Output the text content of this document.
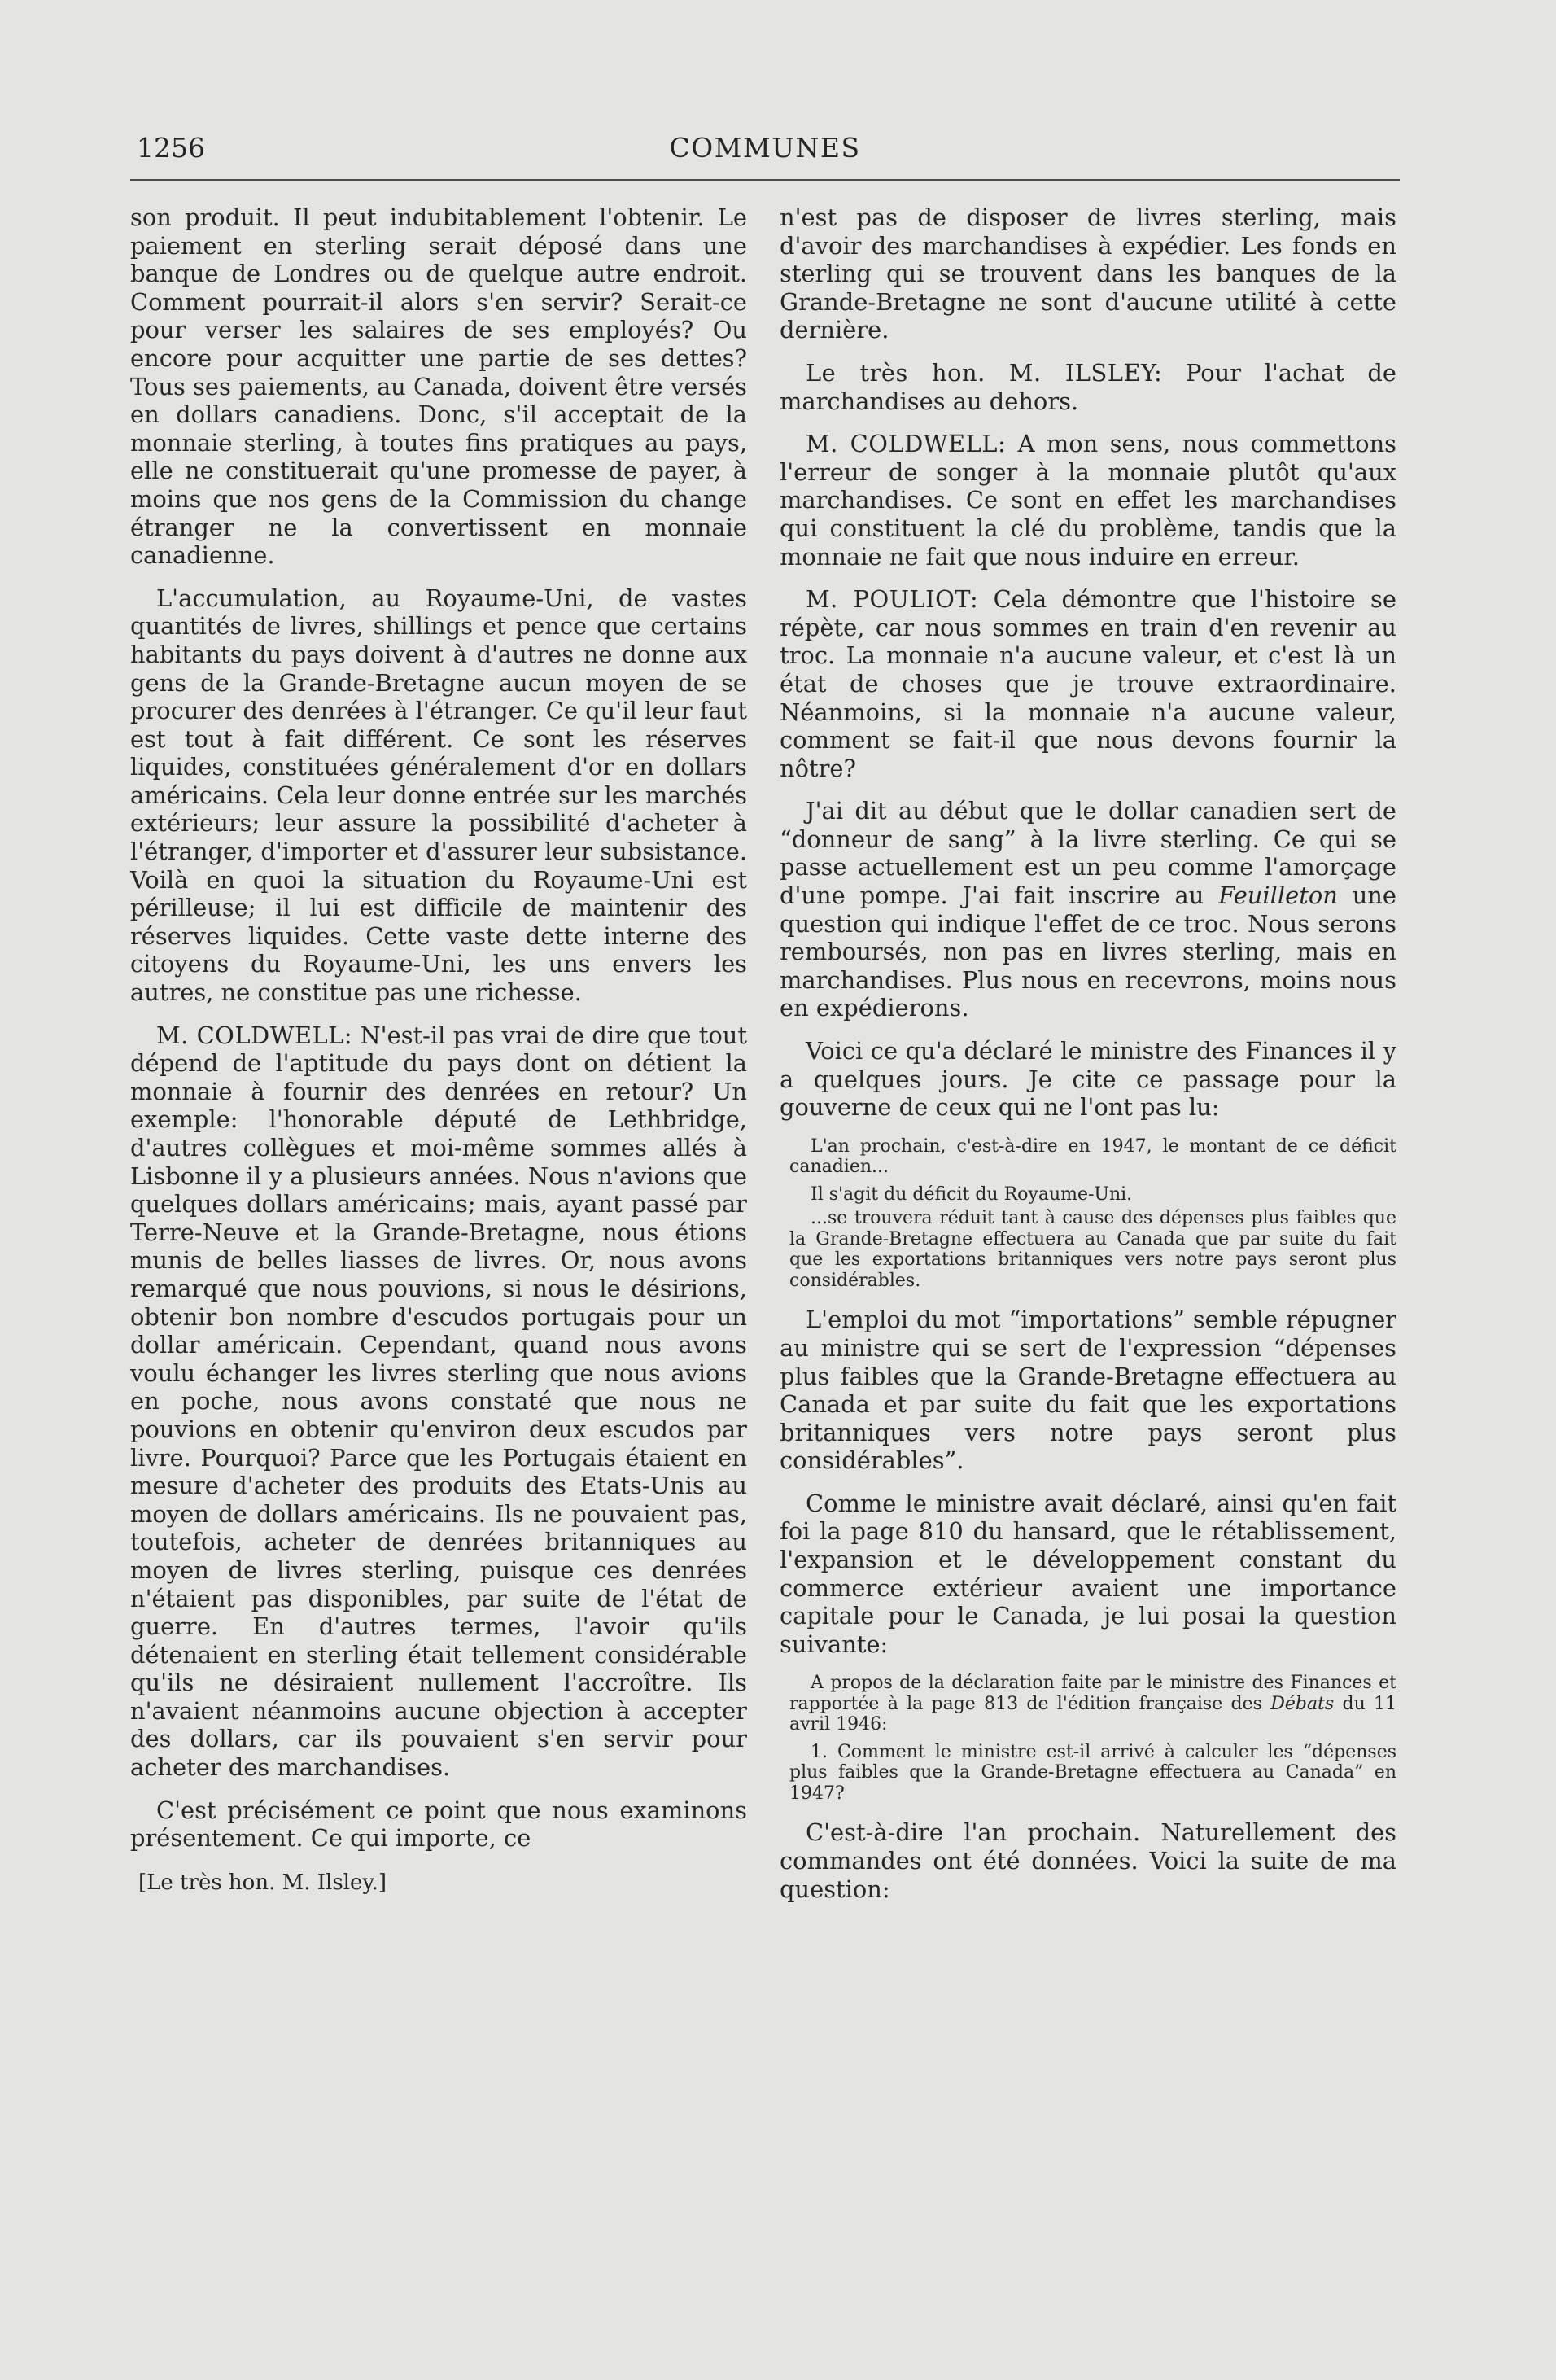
1256	COMMUNES

son produit. Il peut indubitablement l'obtenir. Le paiement en sterling serait déposé dans une banque de Londres ou de quelque autre endroit. Comment pourrait-il alors s'en servir? Serait-ce pour verser les salaires de ses employés? Ou encore pour acquitter une partie de ses dettes? Tous ses paiements, au Canada, doivent être versés en dollars canadiens. Donc, s'il acceptait de la monnaie sterling, à toutes fins pratiques au pays, elle ne constituerait qu'une promesse de payer, à moins que nos gens de la Commission du change étranger ne la convertissent en monnaie canadienne.

L'accumulation, au Royaume-Uni, de vastes quantités de livres, shillings et pence que certains habitants du pays doivent à d'autres ne donne aux gens de la Grande-Bretagne aucun moyen de se procurer des denrées à l'étranger. Ce qu'il leur faut est tout à fait différent. Ce sont les réserves liquides, constituées généralement d'or en dollars américains. Cela leur donne entrée sur les marchés extérieurs; leur assure la possibilité d'acheter à l'étranger, d'importer et d'assurer leur subsistance. Voilà en quoi la situation du Royaume-Uni est périlleuse; il lui est difficile de maintenir des réserves liquides. Cette vaste dette interne des citoyens du Royaume-Uni, les uns envers les autres, ne constitue pas une richesse.

M. COLDWELL: N'est-il pas vrai de dire que tout dépend de l'aptitude du pays dont on détient la monnaie à fournir des denrées en retour? Un exemple: l'honorable député de Lethbridge, d'autres collègues et moi-même sommes allés à Lisbonne il y a plusieurs années. Nous n'avions que quelques dollars américains; mais, ayant passé par Terre-Neuve et la Grande-Bretagne, nous étions munis de belles liasses de livres. Or, nous avons remarqué que nous pouvions, si nous le désirions, obtenir bon nombre d'escudos portugais pour un dollar américain. Cependant, quand nous avons voulu échanger les livres sterling que nous avions en poche, nous avons constaté que nous ne pouvions en obtenir qu'environ deux escudos par livre. Pourquoi? Parce que les Portugais étaient en mesure d'acheter des produits des Etats-Unis au moyen de dollars américains. Ils ne pouvaient pas, toutefois, acheter de denrées britanniques au moyen de livres sterling, puisque ces denrées n'étaient pas disponibles, par suite de l'état de guerre. En d'autres termes, l'avoir qu'ils détenaient en sterling était tellement considérable qu'ils ne désiraient nullement l'accroître. Ils n'avaient néanmoins aucune objection à accepter des dollars, car ils pouvaient s'en servir pour acheter des marchandises.

C'est précisément ce point que nous examinons présentement. Ce qui importe, ce

[Le très hon. M. Ilsley.]

n'est pas de disposer de livres sterling, mais d'avoir des marchandises à expédier. Les fonds en sterling qui se trouvent dans les banques de la Grande-Bretagne ne sont d'aucune utilité à cette dernière.

Le très hon. M. ILSLEY: Pour l'achat de marchandises au dehors.

M. COLDWELL: A mon sens, nous commettons l'erreur de songer à la monnaie plutôt qu'aux marchandises. Ce sont en effet les marchandises qui constituent la clé du problème, tandis que la monnaie ne fait que nous induire en erreur.

M. POULIOT: Cela démontre que l'histoire se répète, car nous sommes en train d'en revenir au troc. La monnaie n'a aucune valeur, et c'est là un état de choses que je trouve extraordinaire. Néanmoins, si la monnaie n'a aucune valeur, comment se fait-il que nous devons fournir la nôtre?

J'ai dit au début que le dollar canadien sert de “donneur de sang” à la livre sterling. Ce qui se passe actuellement est un peu comme l'amorçage d'une pompe. J'ai fait inscrire au Feuilleton une question qui indique l'effet de ce troc. Nous serons remboursés, non pas en livres sterling, mais en marchandises. Plus nous en recevrons, moins nous en expédierons.

Voici ce qu'a déclaré le ministre des Finances il y a quelques jours. Je cite ce passage pour la gouverne de ceux qui ne l'ont pas lu:

L'an prochain, c'est-à-dire en 1947, le montant de ce déficit canadien...
Il s'agit du déficit du Royaume-Uni.
...se trouvera réduit tant à cause des dépenses plus faibles que la Grande-Bretagne effectuera au Canada que par suite du fait que les exportations britanniques vers notre pays seront plus considérables.

L'emploi du mot “importations” semble répugner au ministre qui se sert de l'expression “dépenses plus faibles que la Grande-Bretagne effectuera au Canada et par suite du fait que les exportations britanniques vers notre pays seront plus considérables”.

Comme le ministre avait déclaré, ainsi qu'en fait foi la page 810 du hansard, que le rétablissement, l'expansion et le développement constant du commerce extérieur avaient une importance capitale pour le Canada, je lui posai la question suivante:

A propos de la déclaration faite par le ministre des Finances et rapportée à la page 813 de l'édition française des Débats du 11 avril 1946:
1. Comment le ministre est-il arrivé à calculer les “dépenses plus faibles que la Grande-Bretagne effectuera au Canada” en 1947?

C'est-à-dire l'an prochain. Naturellement des commandes ont été données. Voici la suite de ma question:
